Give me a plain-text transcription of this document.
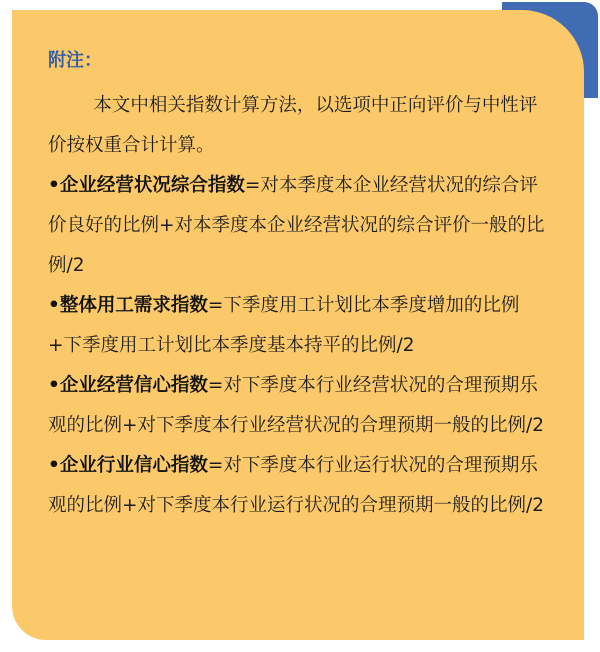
附注：

本文中相关指数计算方法，以选项中正向评价与中性评价按权重合计计算。

•企业经营状况综合指数=对本季度本企业经营状况的综合评价良好的比例+对本季度本企业经营状况的综合评价一般的比例/2

•整体用工需求指数=下季度用工计划比本季度增加的比例+下季度用工计划比本季度基本持平的比例/2

•企业经营信心指数=对下季度本行业经营状况的合理预期乐观的比例+对下季度本行业经营状况的合理预期一般的比例/2

•企业行业信心指数=对下季度本行业运行状况的合理预期乐观的比例+对下季度本行业运行状况的合理预期一般的比例/2
